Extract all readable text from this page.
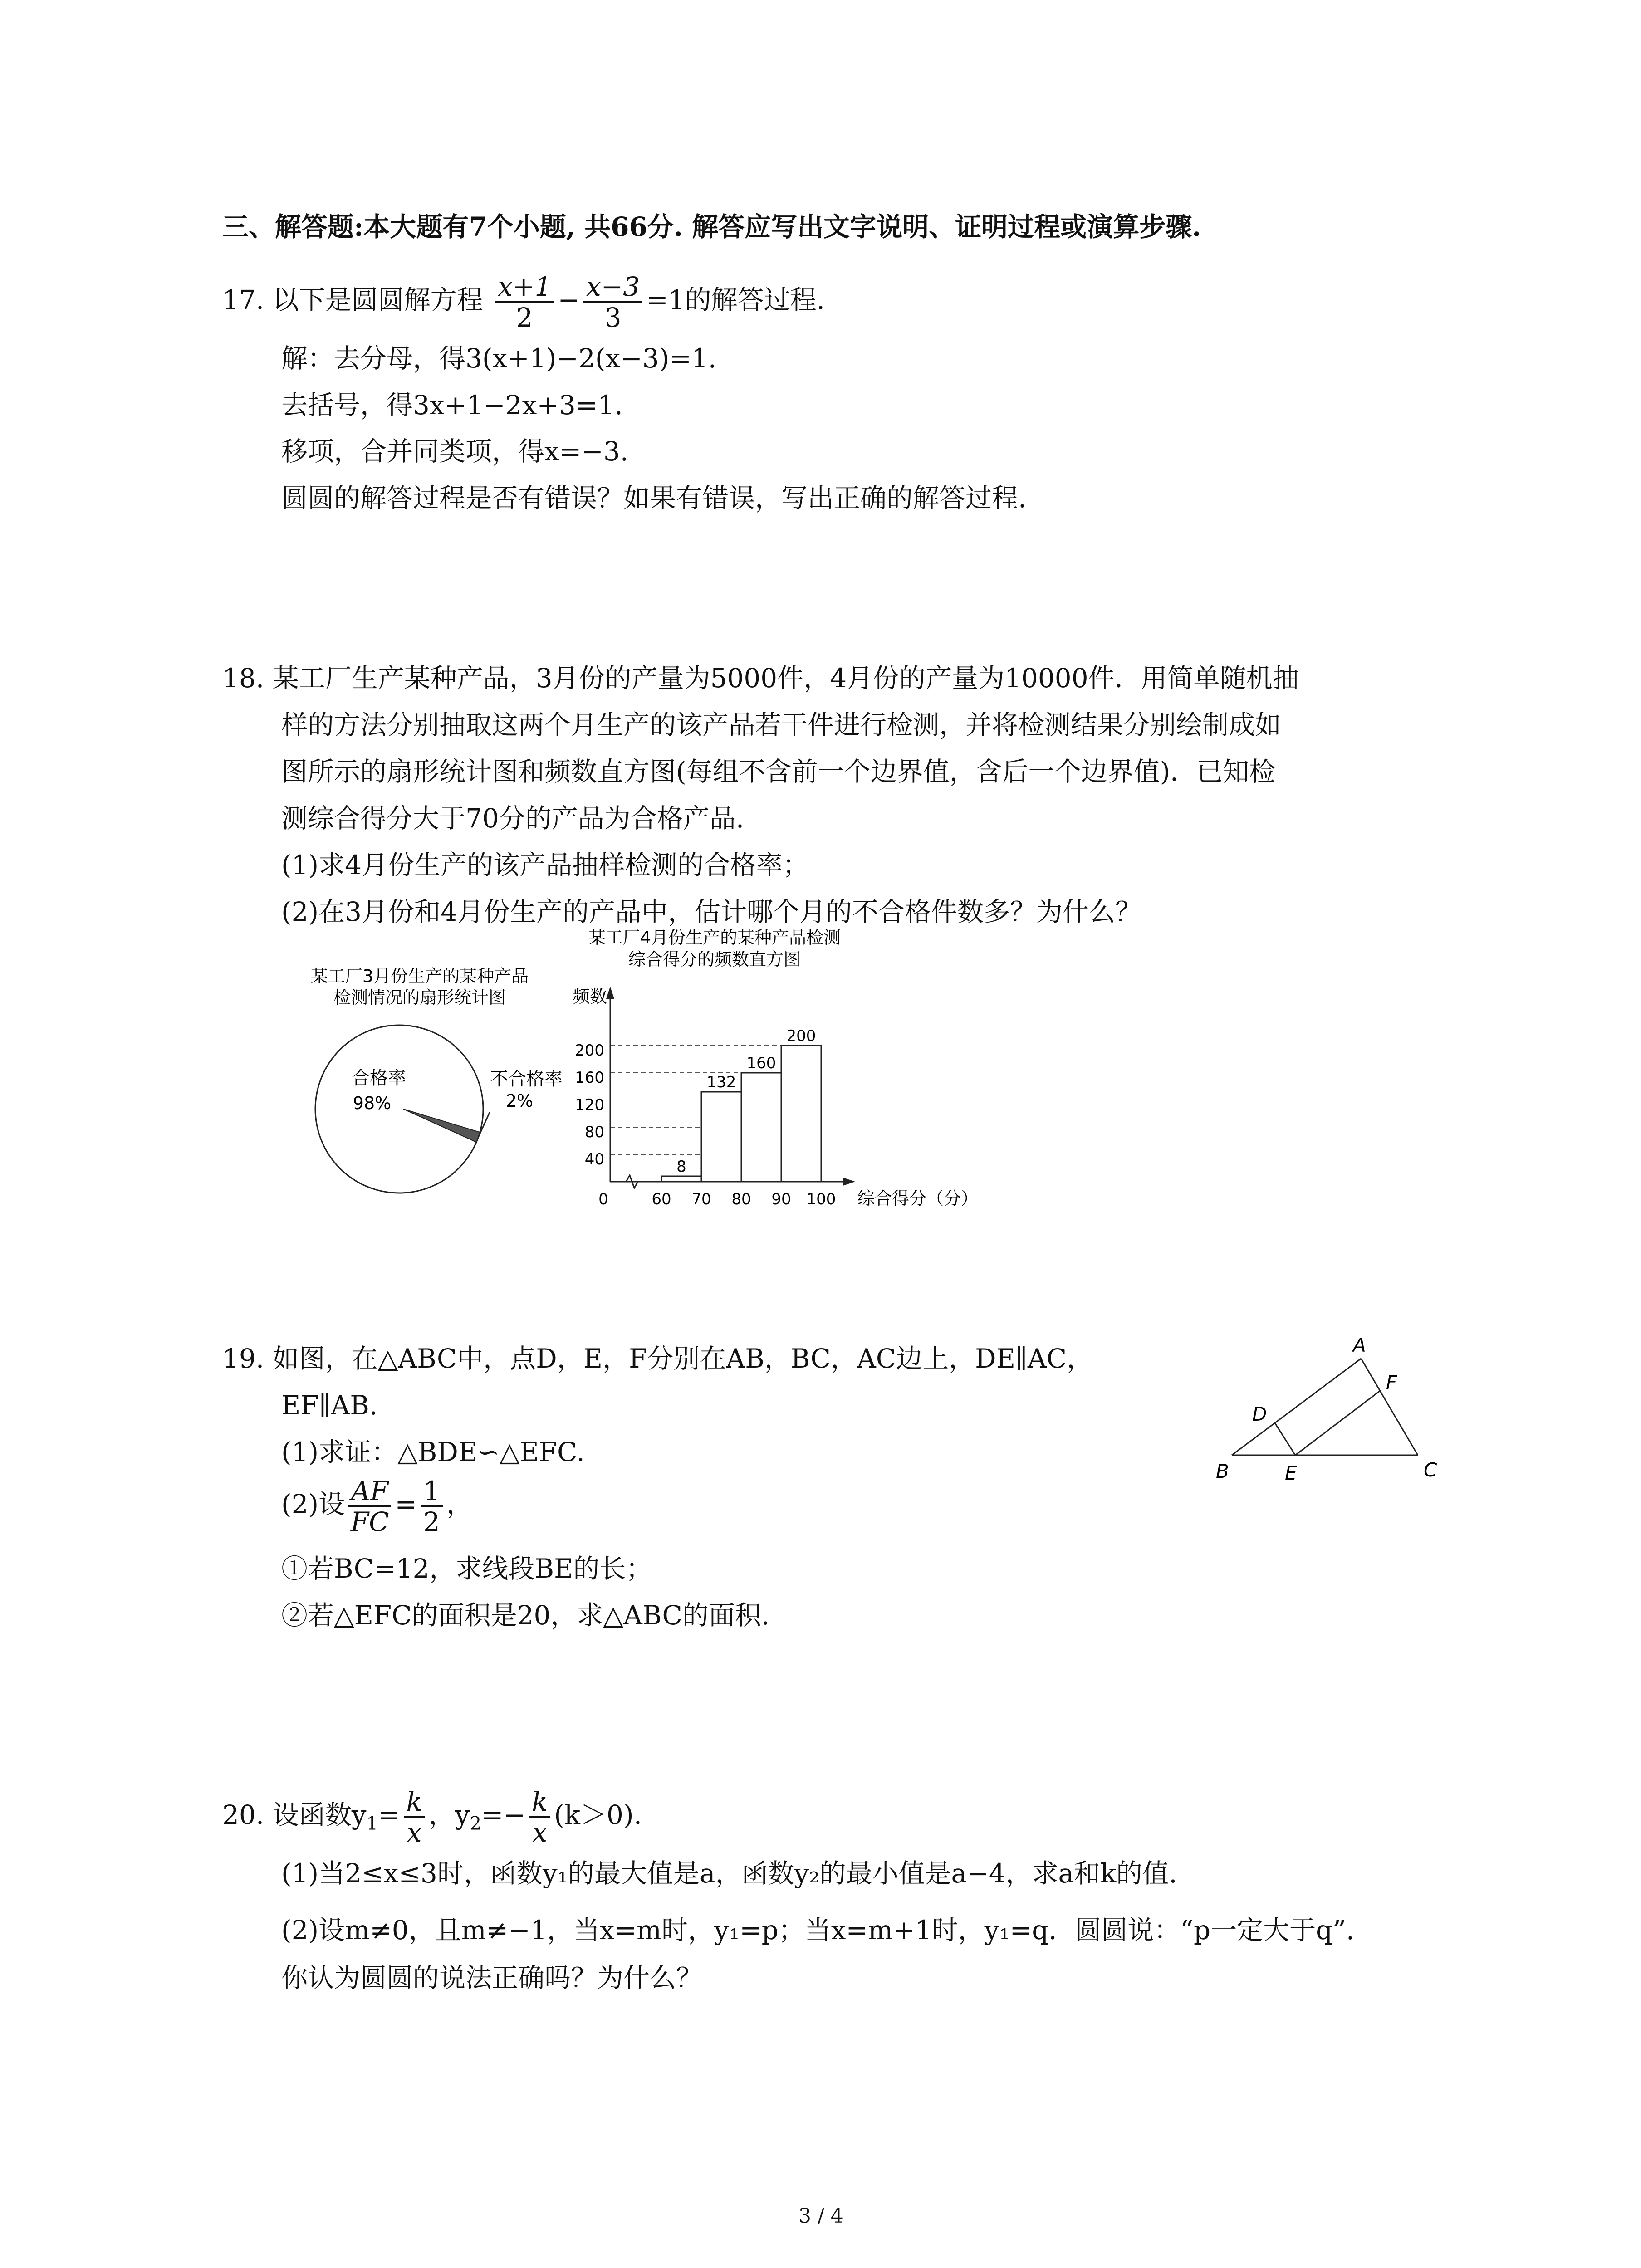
三、解答题:本大题有7个小题, 共66分. 解答应写出文字说明、证明过程或演算步骤.
17. 以下是圆圆解方程 $\frac{x+1}{2} - \frac{x-3}{3} =1$的解答过程.
解：去分母，得3(x+1)−2(x−3)=1.
去括号，得3x+1−2x+3=1.
移项，合并同类项，得x=−3.
圆圆的解答过程是否有错误？如果有错误，写出正确的解答过程.
18. 某工厂生产某种产品，3月份的产量为5000件，4月份的产量为10000件．用简单随机抽
样的方法分别抽取这两个月生产的该产品若干件进行检测，并将检测结果分别绘制成如
图所示的扇形统计图和频数直方图(每组不含前一个边界值，含后一个边界值)．已知检
测综合得分大于70分的产品为合格产品.
(1)求4月份生产的该产品抽样检测的合格率；
(2)在3月份和4月份生产的产品中，估计哪个月的不合格件数多？为什么？
某工厂3月份生产的某种产品
检测情况的扇形统计图
合格率
98%
不合格率
2%
某工厂4月份生产的某种产品检测
综合得分的频数直方图
频数
8
132
160
200
40
80
120
160
200
0	60 70 80 90 100 综合得分（分）
19. 如图，在△ABC中，点D，E，F分别在AB，BC，AC边上，DE∥AC，
EF∥AB.
(1)求证：△BDE∽△EFC.
(2)设 $\frac{AF}{FC} = \frac{1}{2}$ ，
①若BC=12，求线段BE的长；
②若△EFC的面积是20，求△ABC的面积.
A
B	C
D
E
F
20. 设函数$y_1= \frac{k}{x}$ ，$y_2=- \frac{k}{x} (k>0)$.
(1)当2≤x≤3时，函数y₁的最大值是a，函数y₂的最小值是a−4，求a和k的值.
(2)设m≠0，且m≠−1，当x=m时，y₁=p；当x=m+1时，y₁=q．圆圆说：“p一定大于q”.
你认为圆圆的说法正确吗？为什么？
3 / 4
